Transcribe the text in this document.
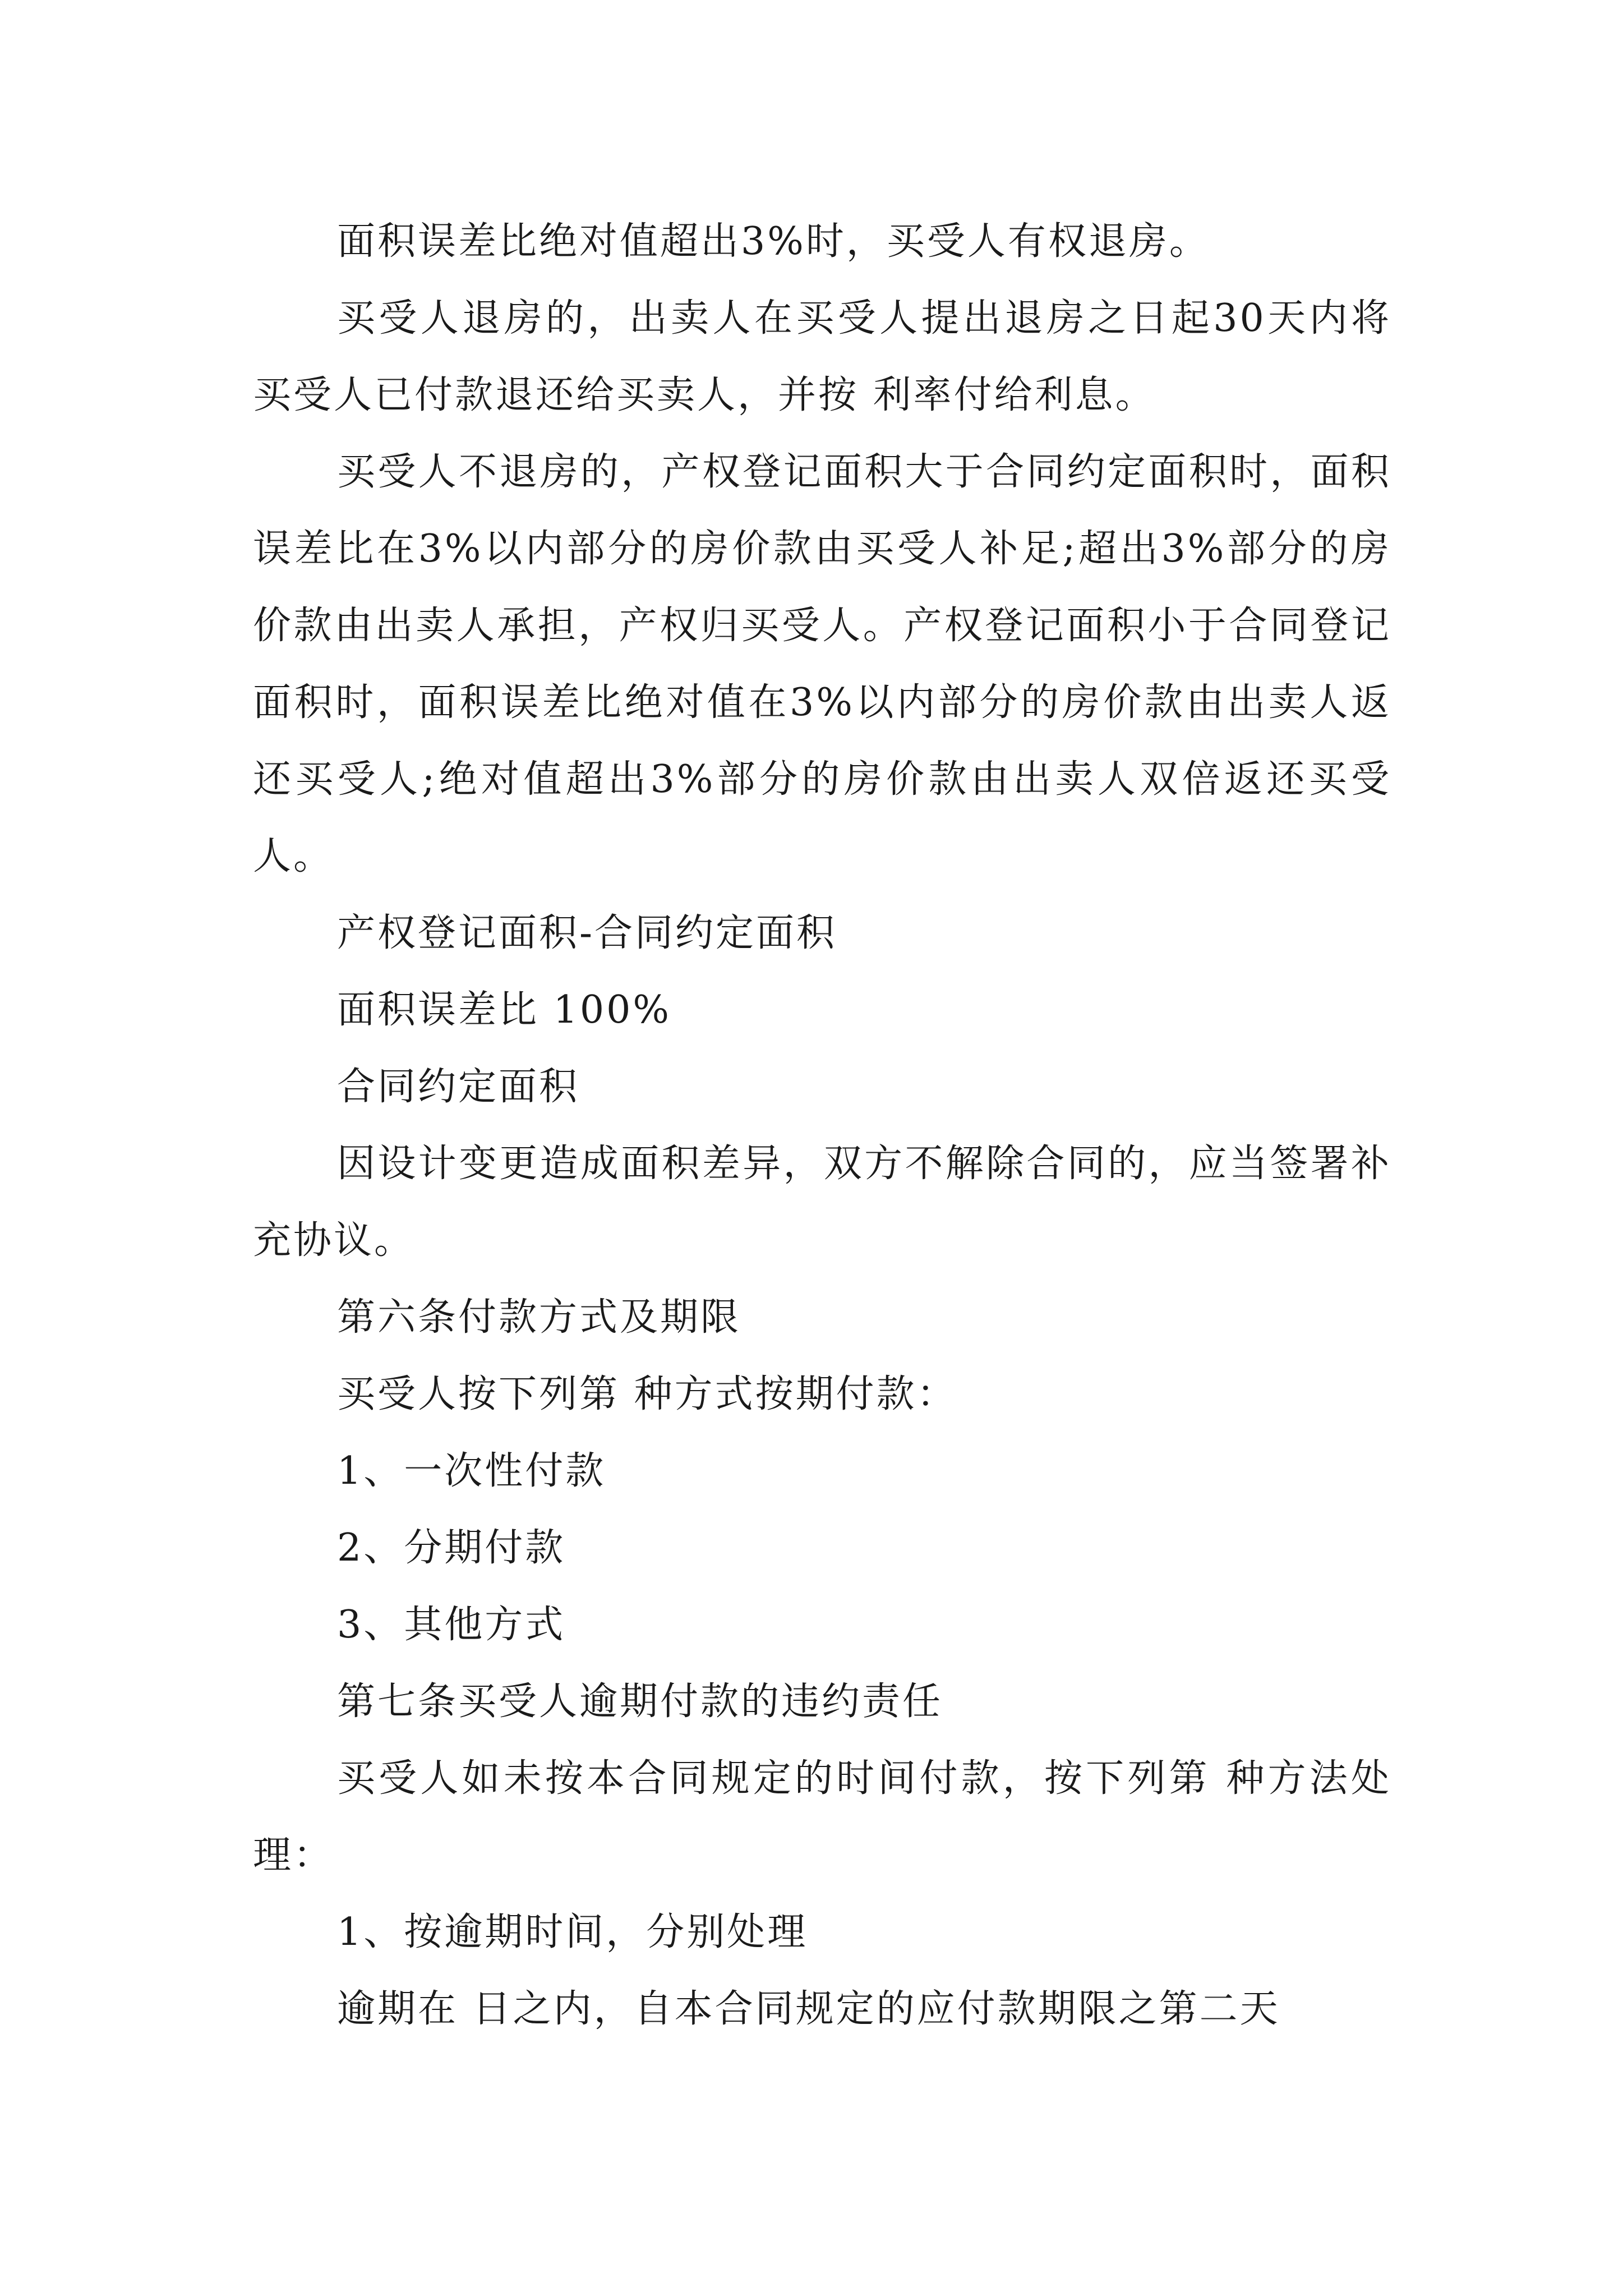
面积误差比绝对值超出3%时，买受人有权退房。

买受人退房的，出卖人在买受人提出退房之日起30天内将买受人已付款退还给买卖人，并按 利率付给利息。

买受人不退房的，产权登记面积大于合同约定面积时，面积误差比在3%以内部分的房价款由买受人补足;超出3%部分的房价款由出卖人承担，产权归买受人。产权登记面积小于合同登记面积时，面积误差比绝对值在3%以内部分的房价款由出卖人返还买受人;绝对值超出3%部分的房价款由出卖人双倍返还买受人。

产权登记面积-合同约定面积

面积误差比 100%

合同约定面积

因设计变更造成面积差异，双方不解除合同的，应当签署补充协议。

第六条付款方式及期限

买受人按下列第 种方式按期付款：

1、一次性付款

2、分期付款

3、其他方式

第七条买受人逾期付款的违约责任

买受人如未按本合同规定的时间付款，按下列第 种方法处理：

1、按逾期时间，分别处理

逾期在 日之内，自本合同规定的应付款期限之第二天
